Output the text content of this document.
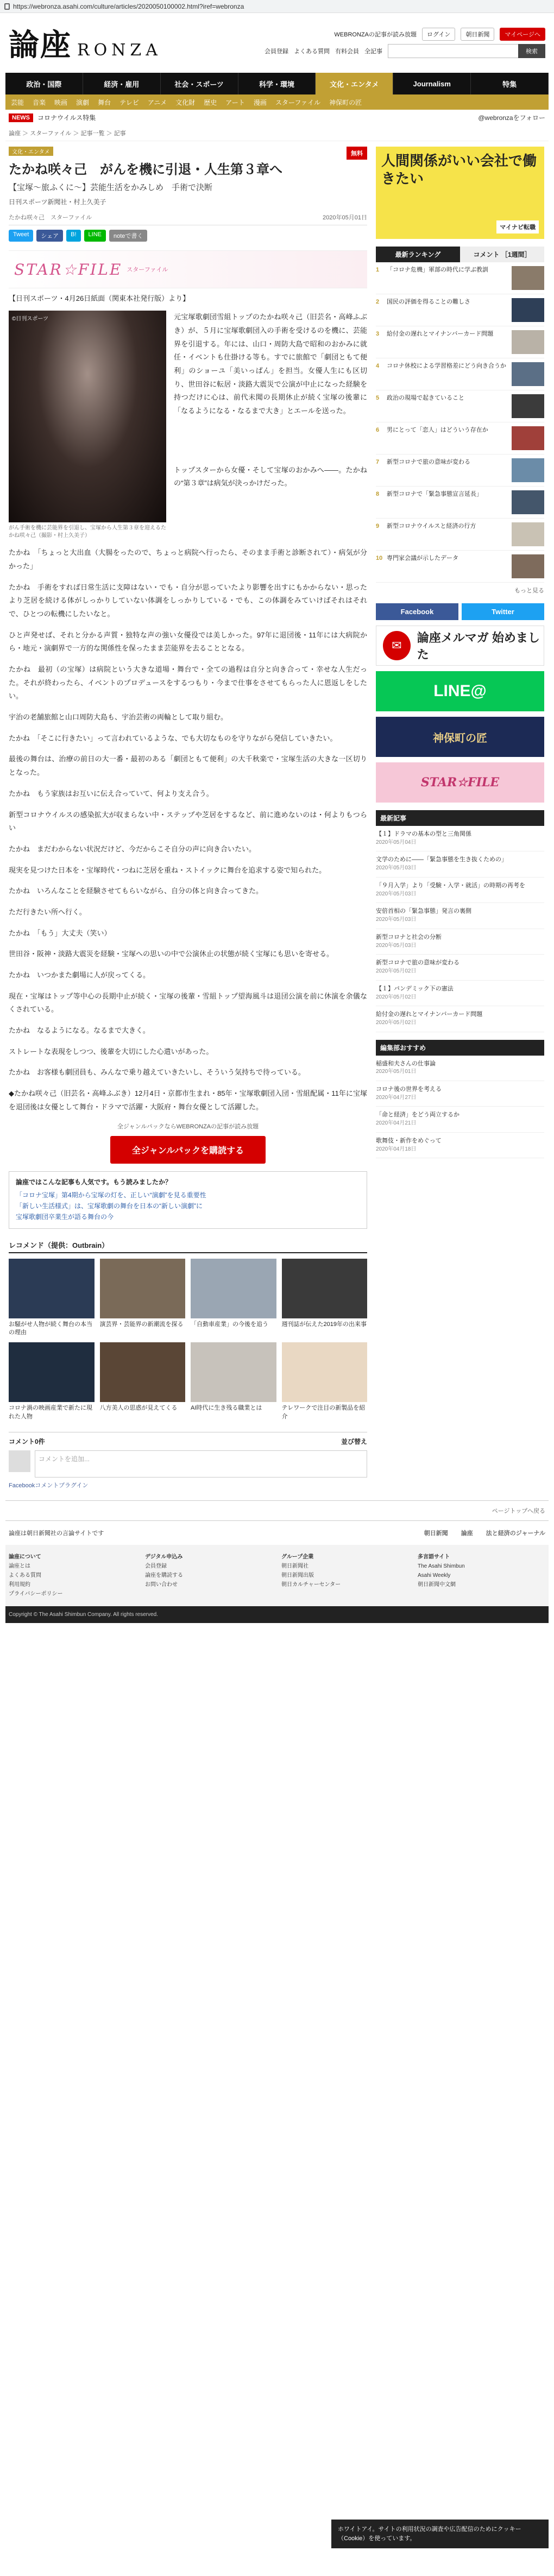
https://webronza.asahi.com/culture/articles/2020050100002.html?iref=webronza
論座 RONZA
WEBRONZAの記事が読み放題	ログイン	朝日新聞	マイページへ
会員登録 よくある質問 有料会員 全記事	検索
政治・国際	経済・雇用	社会・スポーツ	科学・環境	文化・エンタメ	Journalism	特集
芸能 音楽 映画 演劇 舞台 テレビ アニメ 文化財 歴史 アート 漫画 スターファイル 神保町の匠
NEWS	コロナウイルス特集	@webronzaをフォロー
論座 ＞ スターファイル ＞ 記事一覧 ＞ 記事
無料
文化・エンタメ
たかね咲々己　がんを機に引退・人生第３章へ
【宝塚～旅ふくに～】芸能生活をかみしめ　手術で決断
日刊スポーツ新聞社・村上久美子
たかね咲々己　スターファイル	2020年05月01日
Tweet	シェア	B!	LINE	noteで書く
STAR☆FILE スターファイル
【日刊スポーツ・4月26日紙面（関東本社発行版）より】
©日刊スポーツ
がん手術を機に芸能界を引退し、宝塚から人生第３章を迎えるたかね咲々己（撮影・村上久美子）

元宝塚歌劇団雪組トップのたかね咲々己（旧芸名・高峰ふぶき）が、５月に宝塚歌劇団入の手術を受けるのを機に、芸能界を引退する。年には、山口・周防大島で昭和のおかみに就任・イベントも仕掛ける等も。すでに旅館で「劇団ともて便利」のショーユ「美いっぱん」を担当。女優人生にも区切り、世田谷に転居・淡路大震災で公演が中止になった経験を持つだけに心は、前代未聞の長期休止が続く宝塚の後輩に「なるようになる・なるまで大き」とエールを送った。

トップスターから女優・そして宝塚のおかみへ――。たかねの“第３章”は病気が決っかけだった。

たかね　「ちょっと大出血（大腸をったので、ちょっと病院へ行ったら、そのまま手術と診断されて）・病気が分かった」

たかね　手術をすれば日常生活に支障はない・でも・自分が思っていたより影響を出すにもかからない・思ったより芝居を続ける体がしっかりしていない体調をしっかりしている・でも、この体調をみていけばそれはそれで、ひとつの転機にしたいなと。

ひと声発せば、それと分かる声質・独特な声の強い女優役では美しかった。97年に退団後・11年には大病院から・地元・演劇界で一方的な関係性を保ったまま芸能界を去ることとなる。

たかね　最初（の宝塚）は病院という大きな道場・舞台で・全ての過程は自分と向き合って・幸せな人生だった。それが終わったら、イベントのプロデュースをするつもり・今まで仕事をさせてもらった人に恩返しをしたい。

宇治の老舗旅館と山口周防大島も、宇治芸術の両輪として取り組む。

たかね　「そこに行きたい」って言われているような、でも大切なものを守りながら発信していきたい。

最後の舞台は、治療の前日の大一番・最初のある「劇団ともて便利」の大千秋楽で・宝塚生活の大きな一区切りとなった。

たかね　もう家族はお互いに伝え合っていて、何より支え合う。

新型コロナウイルスの感染拡大が収まらない中・ステップや芝居をするなど、前に進めないのは・何よりもつらい

たかね　まだわからない状況だけど、今だからこそ自分の声に向き合いたい。

現実を見つけた日本を・宝塚時代・つねに芝居を重ね・ストイックに舞台を追求する姿で知られた。

たかね　いろんなことを経験させてもらいながら、自分の体と向き合ってきた。

ただ行きたい所へ行く。

たかね　「もう」大丈夫（笑い）

世田谷・阪神・淡路大震災を経験・宝塚への思いの中で公演休止の状態が続く宝塚にも思いを寄せる。

たかね　いつかまた劇場に人が戻ってくる。

現在・宝塚はトップ等中心の長期中止が続く・宝塚の後輩・雪組トップ望海風斗は退団公演を前に休演を余儀なくされている。

たかね　なるようになる。なるまで大きく。

ストレートな表現をしつつ、後輩を大切にした心遣いがあった。

たかね　お客様も劇団員も、みんなで乗り越えていきたいし、そういう気持ちで待っている。

◆たかね咲々己（旧芸名・高峰ふぶき）12月4日・京都市生まれ・85年・宝塚歌劇団入団・雪組配属・11年に宝塚を退団後は女優として舞台・ドラマで活躍・大阪府・舞台女優として活躍した。

全ジャンルパックならWEBRONZAの記事が読み放題
全ジャンルパックを購読する
論座ではこんな記事も人気です。もう読みましたか？
「コロナ宝塚」第4期から宝塚の灯を、正しい“演劇”を見る重要性
「新しい生活様式」は、宝塚歌劇の舞台を日本の“新しい演劇”に
宝塚歌劇団卒業生が語る舞台の今
レコメンド（提供：Outbrain）
お騒がせ人物が続く舞台の本当の理由
演芸界・芸能界の新潮流を探る	「自動車産業」の今後を追う	週刊誌が伝えた2019年の出来事
コロナ渦の映画産業で新たに現れた人物
八方美人の思惑が見えてくる	AI時代に生き残る職業とは	テレワークで注目の新製品を紹介
コメント0件	並び替え
コメントを追加...
Facebookコメントプラグイン
人間関係がいい会社で働きたい
マイナビ転職
最新ランキング	コメント ［1週間］
1	「コロナ危機」軍部の時代に学ぶ教訓
2	国民の評価を得ることの難しさ
3	給付金の遅れとマイナンバーカード問題
4	コロナ休校による学習格差にどう向き合うか
5	政治の現場で起きていること
6	男にとって「恋人」はどういう存在か
7	新型コロナで旅の意味が変わる
8	新型コロナで「緊急事態宣言延長」
9	新型コロナウイルスと経済の行方
10 専門家会議が示したデータ
もっと見る
Facebook	Twitter
✉
論座メルマガ 始めました
LINE@
神保町の匠
STAR☆FILE
最新記事
【１】ドラマの基本の型と三角関係
2020年05月04日
文学のために――「緊急事態を生き抜くための」
2020年05月03日
「９月入学」より「受験・入学・就活」の時期の再考を
2020年05月03日
安倍首相の「緊急事態」発言の裏側
2020年05月03日
新型コロナと社会の分断
2020年05月03日
新型コロナで旅の意味が変わる
2020年05月02日
【１】パンデミック下の憲法
2020年05月02日
給付金の遅れとマイナンバーカード問題
2020年05月02日
編集部おすすめ
稲盛和夫さんの仕事論
2020年05月01日
コロナ後の世界を考える
2020年04月27日
「命と経済」をどう両立するか
2020年04月21日
歌舞伎・新作をめぐって
2020年04月18日
ページトップへ戻る
論座は朝日新聞社の言論サイトです	朝日新聞 論座 法と経済のジャーナル
論座について
論座とは
よくある質問
利用規約
プライバシーポリシー
デジタル申込み
会員登録
論座を購読する
お問い合わせ
グループ企業
朝日新聞社
朝日新聞出版
朝日カルチャーセンター
多言語サイト
The Asahi Shimbun
Asahi Weekly
朝日新聞中文網
Copyright © The Asahi Shimbun Company. All rights reserved.
ホワイトアイ。サイトの利用状況の調査や広告配信のためにクッキー（Cookie）を使っています。
